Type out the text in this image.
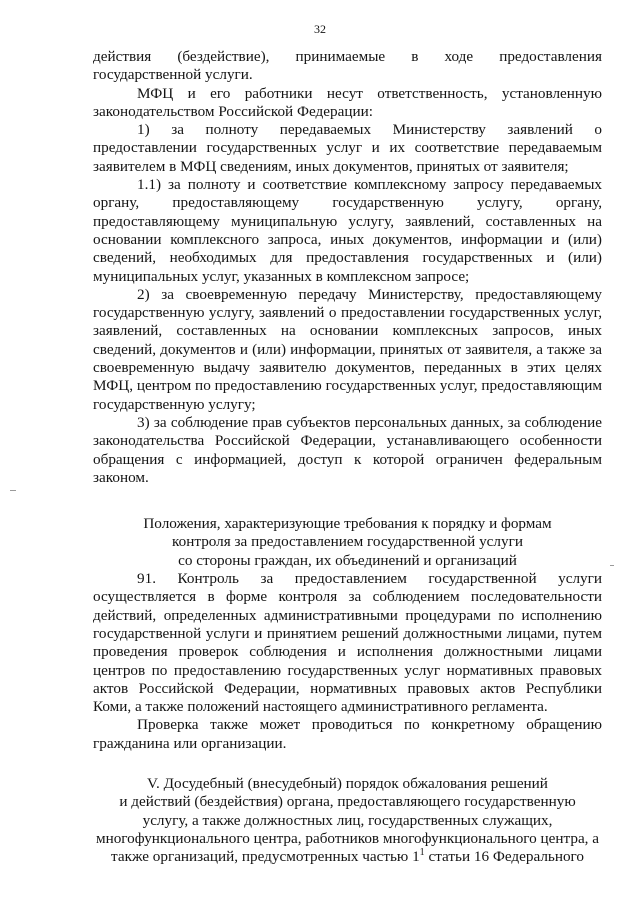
32

действия (бездействие), принимаемые в ходе предоставления государственной услуги.

МФЦ и его работники несут ответственность, установленную законодательством Российской Федерации:

1) за полноту передаваемых Министерству заявлений о предоставлении государственных услуг и их соответствие передаваемым заявителем в МФЦ сведениям, иных документов, принятых от заявителя;

1.1) за полноту и соответствие комплексному запросу передаваемых органу, предоставляющему государственную услугу, органу, предоставляющему муниципальную услугу, заявлений, составленных на основании комплексного запроса, иных документов, информации и (или) сведений, необходимых для предоставления государственных и (или) муниципальных услуг, указанных в комплексном запросе;

2) за своевременную передачу Министерству, предоставляющему государственную услугу, заявлений о предоставлении государственных услуг, заявлений, составленных на основании комплексных запросов, иных сведений, документов и (или) информации, принятых от заявителя, а также за своевременную выдачу заявителю документов, переданных в этих целях МФЦ, центром по предоставлению государственных услуг, предоставляющим государственную услугу;

3) за соблюдение прав субъектов персональных данных, за соблюдение законодательства Российской Федерации, устанавливающего особенности обращения с информацией, доступ к которой ограничен федеральным законом.

Положения, характеризующие требования к порядку и формам
контроля за предоставлением государственной услуги
со стороны граждан, их объединений и организаций

91. Контроль за предоставлением государственной услуги осуществляется в форме контроля за соблюдением последовательности действий, определенных административными процедурами по исполнению государственной услуги и принятием решений должностными лицами, путем проведения проверок соблюдения и исполнения должностными лицами центров по предоставлению государственных услуг нормативных правовых актов Российской Федерации, нормативных правовых актов Республики Коми, а также положений настоящего административного регламента.

Проверка также может проводиться по конкретному обращению гражданина или организации.

V. Досудебный (внесудебный) порядок обжалования решений
и действий (бездействия) органа, предоставляющего государственную
услугу, а также должностных лиц, государственных служащих,
многофункционального центра, работников многофункционального центра, а
также организаций, предусмотренных частью $1^1$ статьи 16 Федерального
